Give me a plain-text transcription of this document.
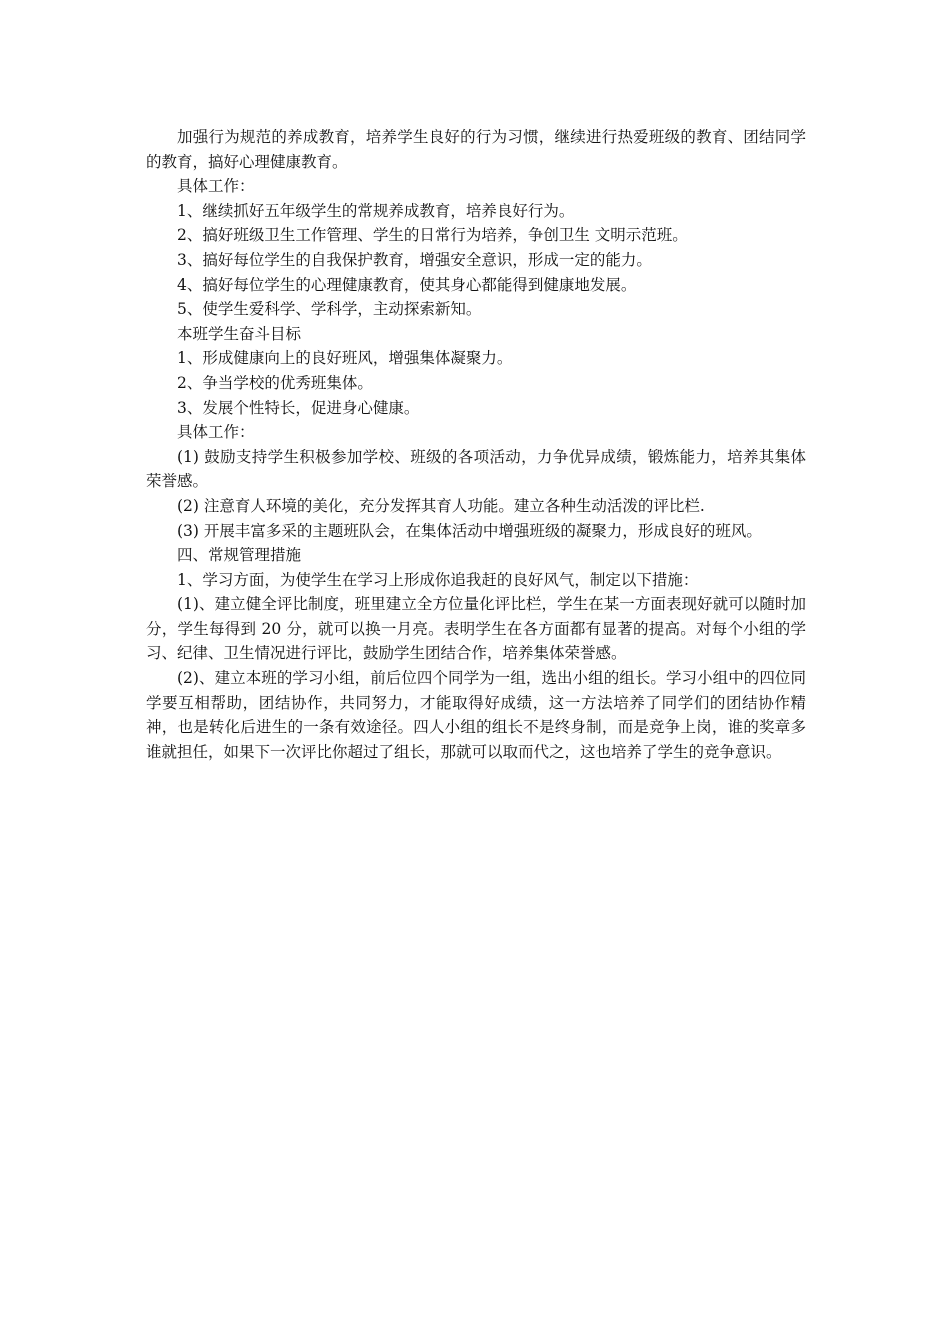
加强行为规范的养成教育，培养学生良好的行为习惯，继续进行热爱班级的教育、团结同学的教育，搞好心理健康教育。

具体工作：

1、继续抓好五年级学生的常规养成教育，培养良好行为。

2、搞好班级卫生工作管理、学生的日常行为培养，争创卫生 文明示范班。

3、搞好每位学生的自我保护教育，增强安全意识，形成一定的能力。

4、搞好每位学生的心理健康教育，使其身心都能得到健康地发展。

5、使学生爱科学、学科学，主动探索新知。

本班学生奋斗目标

1、形成健康向上的良好班风，增强集体凝聚力。

2、争当学校的优秀班集体。

3、发展个性特长，促进身心健康。

具体工作：

(1) 鼓励支持学生积极参加学校、班级的各项活动，力争优异成绩，锻炼能力，培养其集体荣誉感。

(2) 注意育人环境的美化，充分发挥其育人功能。建立各种生动活泼的评比栏.

(3) 开展丰富多采的主题班队会，在集体活动中增强班级的凝聚力，形成良好的班风。

四、常规管理措施

1、学习方面，为使学生在学习上形成你追我赶的良好风气，制定以下措施：

(1)、建立健全评比制度，班里建立全方位量化评比栏，学生在某一方面表现好就可以随时加分，学生每得到 20 分，就可以换一月亮。表明学生在各方面都有显著的提高。对每个小组的学习、纪律、卫生情况进行评比，鼓励学生团结合作，培养集体荣誉感。

(2)、建立本班的学习小组，前后位四个同学为一组，选出小组的组长。学习小组中的四位同学要互相帮助，团结协作，共同努力，才能取得好成绩，这一方法培养了同学们的团结协作精神，也是转化后进生的一条有效途径。四人小组的组长不是终身制，而是竞争上岗，谁的奖章多谁就担任，如果下一次评比你超过了组长，那就可以取而代之，这也培养了学生的竞争意识。
